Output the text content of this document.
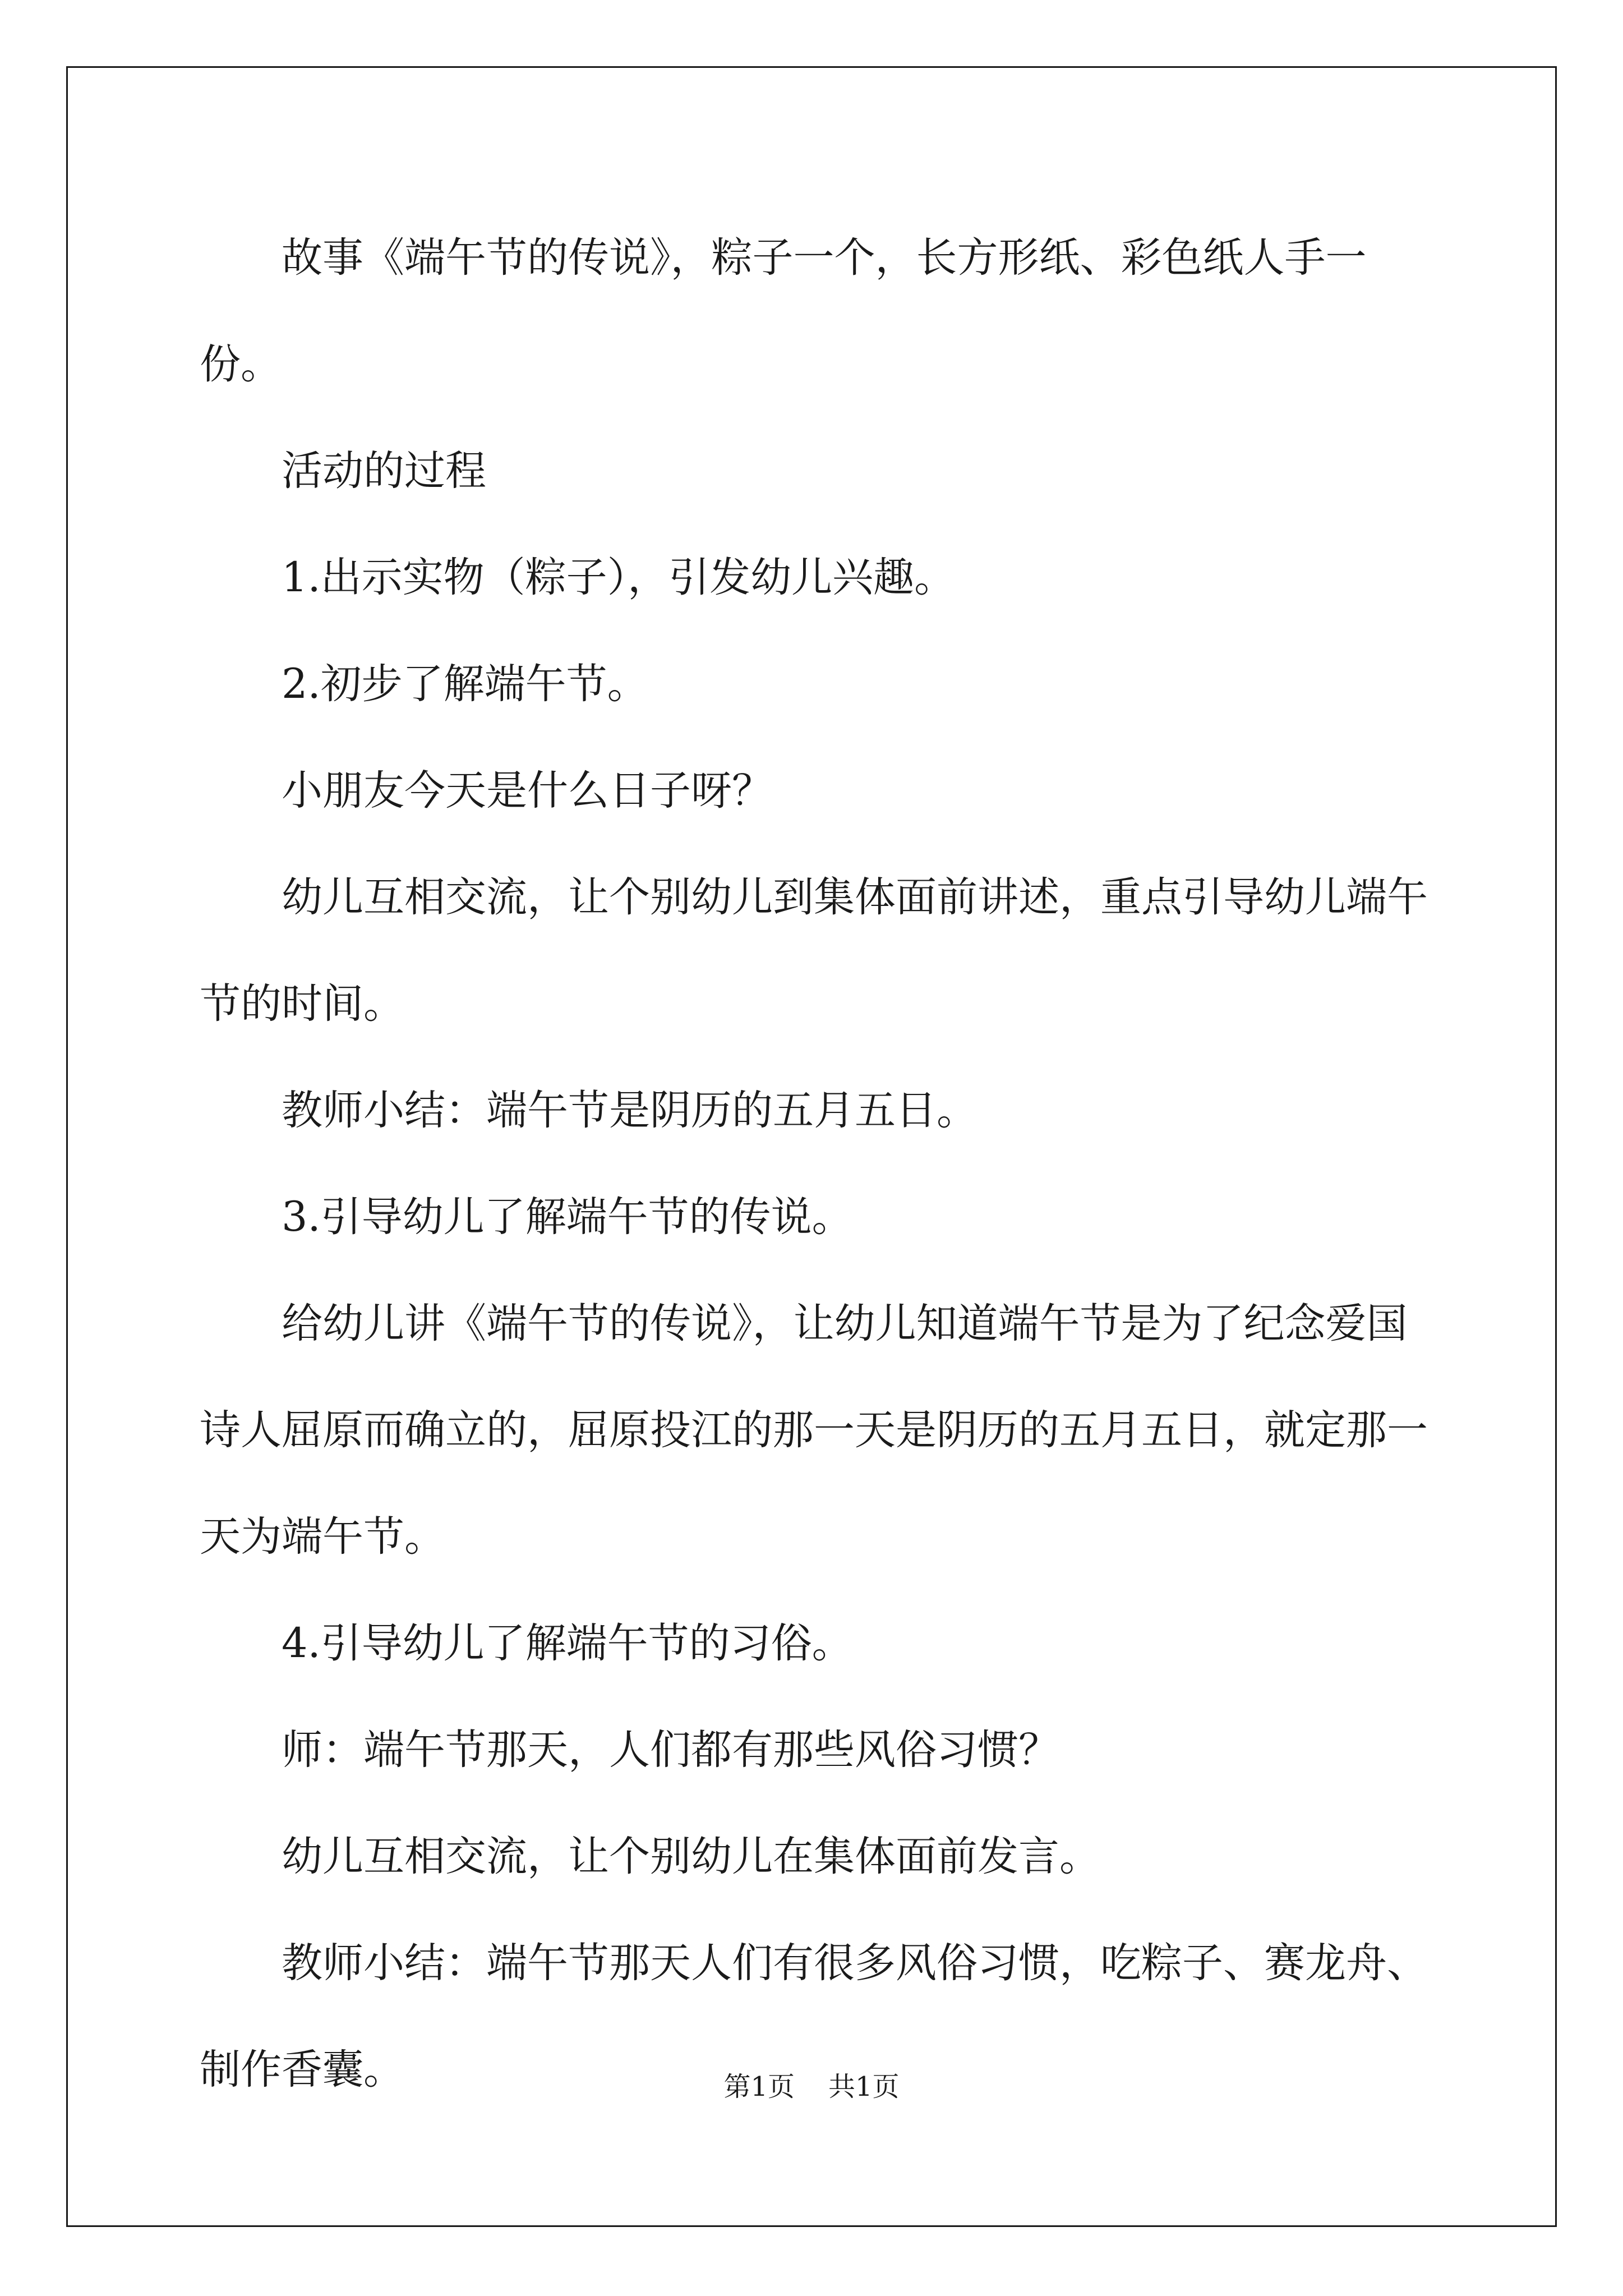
故事《端午节的传说》，粽子一个，长方形纸、彩色纸人手一份。

活动的过程

1.出示实物（粽子），引发幼儿兴趣。

2.初步了解端午节。

小朋友今天是什么日子呀？

幼儿互相交流，让个别幼儿到集体面前讲述，重点引导幼儿端午节的时间。

教师小结：端午节是阴历的五月五日。

3.引导幼儿了解端午节的传说。

给幼儿讲《端午节的传说》，让幼儿知道端午节是为了纪念爱国诗人屈原而确立的，屈原投江的那一天是阴历的五月五日，就定那一天为端午节。

4.引导幼儿了解端午节的习俗。

师：端午节那天，人们都有那些风俗习惯？

幼儿互相交流，让个别幼儿在集体面前发言。

教师小结：端午节那天人们有很多风俗习惯，吃粽子、赛龙舟、制作香囊。	第1页 共1页
